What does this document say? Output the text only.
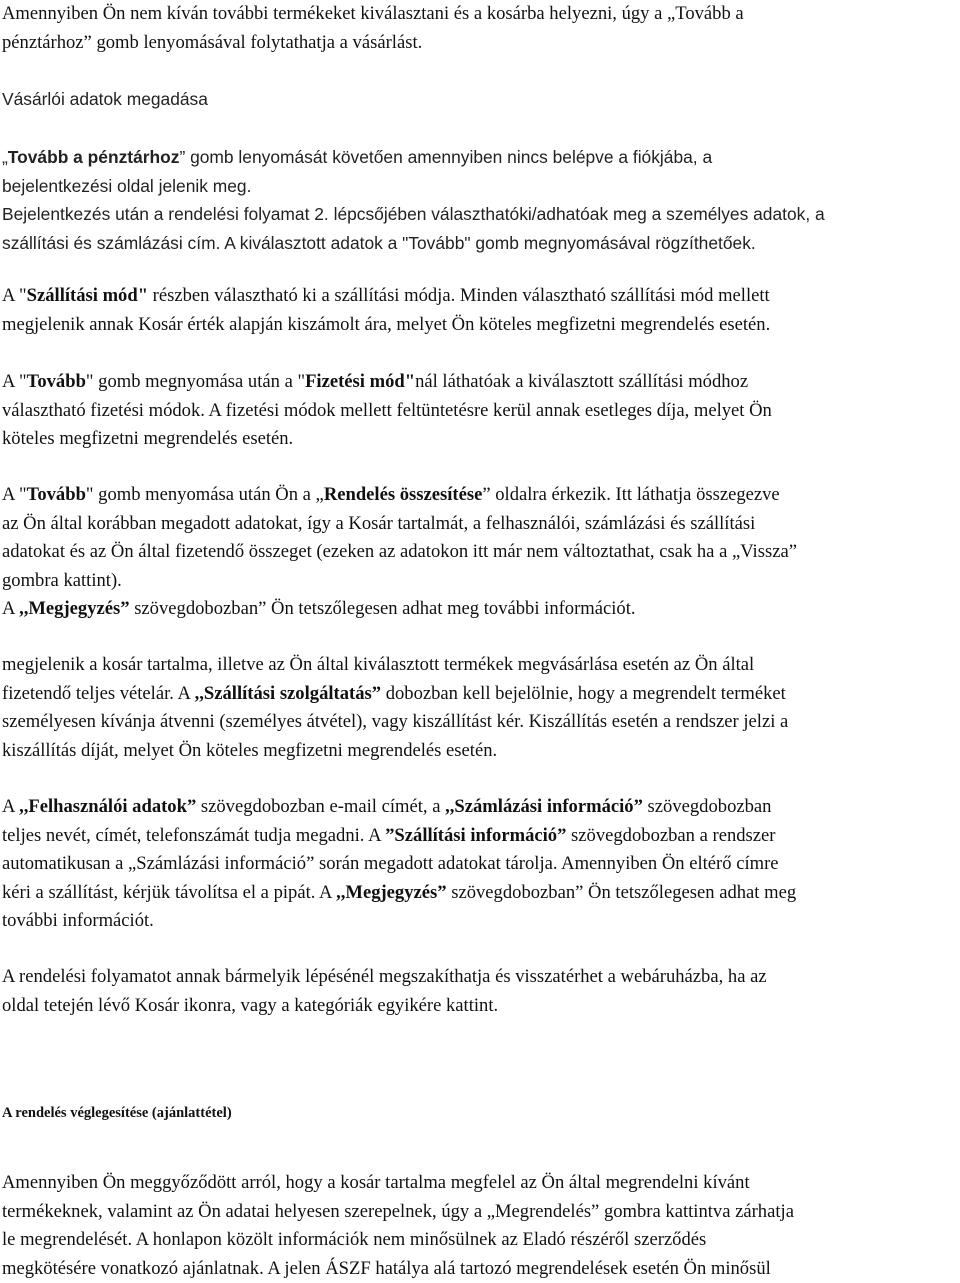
Amennyiben Ön nem kíván további termékeket kiválasztani és a kosárba helyezni, úgy a „Tovább a
pénztárhoz” gomb lenyomásával folytathatja a vásárlást.

Vásárlói adatok megadása

„Tovább a pénztárhoz” gomb lenyomását követően amennyiben nincs belépve a fiókjába, a
bejelentkezési oldal jelenik meg.
Bejelentkezés után a rendelési folyamat 2. lépcsőjében választhatóki/adhatóak meg a személyes adatok, a
szállítási és számlázási cím. A kiválasztott adatok a "Tovább" gomb megnyomásával rögzíthetőek.

A "Szállítási mód" részben választható ki a szállítási módja. Minden választható szállítási mód mellett
megjelenik annak Kosár érték alapján kiszámolt ára, melyet Ön köteles megfizetni megrendelés esetén.

A "Tovább" gomb megnyomása után a "Fizetési mód"nál láthatóak a kiválasztott szállítási módhoz
választható fizetési módok. A fizetési módok mellett feltüntetésre kerül annak esetleges díja, melyet Ön
köteles megfizetni megrendelés esetén.

A "Tovább" gomb menyomása után Ön a „Rendelés összesítése” oldalra érkezik. Itt láthatja összegezve
az Ön által korábban megadott adatokat, így a Kosár tartalmát, a felhasználói, számlázási és szállítási
adatokat és az Ön által fizetendő összeget (ezeken az adatokon itt már nem változtathat, csak ha a „Vissza”
gombra kattint).
A ,,Megjegyzés” szövegdobozban” Ön tetszőlegesen adhat meg további információt.

megjelenik a kosár tartalma, illetve az Ön által kiválasztott termékek megvásárlása esetén az Ön által
fizetendő teljes vételár. A ,,Szállítási szolgáltatás” dobozban kell bejelölnie, hogy a megrendelt terméket
személyesen kívánja átvenni (személyes átvétel), vagy kiszállítást kér. Kiszállítás esetén a rendszer jelzi a
kiszállítás díját, melyet Ön köteles megfizetni megrendelés esetén.

A ,,Felhasználói adatok” szövegdobozban e-mail címét, a ,,Számlázási információ” szövegdobozban
teljes nevét, címét, telefonszámát tudja megadni. A ”Szállítási információ” szövegdobozban a rendszer
automatikusan a „Számlázási információ” során megadott adatokat tárolja. Amennyiben Ön eltérő címre
kéri a szállítást, kérjük távolítsa el a pipát. A ,,Megjegyzés” szövegdobozban” Ön tetszőlegesen adhat meg
további információt.

A rendelési folyamatot annak bármelyik lépésénél megszakíthatja és visszatérhet a webáruházba, ha az
oldal tetején lévő Kosár ikonra, vagy a kategóriák egyikére kattint.

A rendelés véglegesítése (ajánlattétel)

Amennyiben Ön meggyőződött arról, hogy a kosár tartalma megfelel az Ön által megrendelni kívánt
termékeknek, valamint az Ön adatai helyesen szerepelnek, úgy a „Megrendelés” gombra kattintva zárhatja
le megrendelését. A honlapon közölt információk nem minősülnek az Eladó részéről szerződés
megkötésére vonatkozó ajánlatnak. A jelen ÁSZF hatálya alá tartozó megrendelések esetén Ön minősül
